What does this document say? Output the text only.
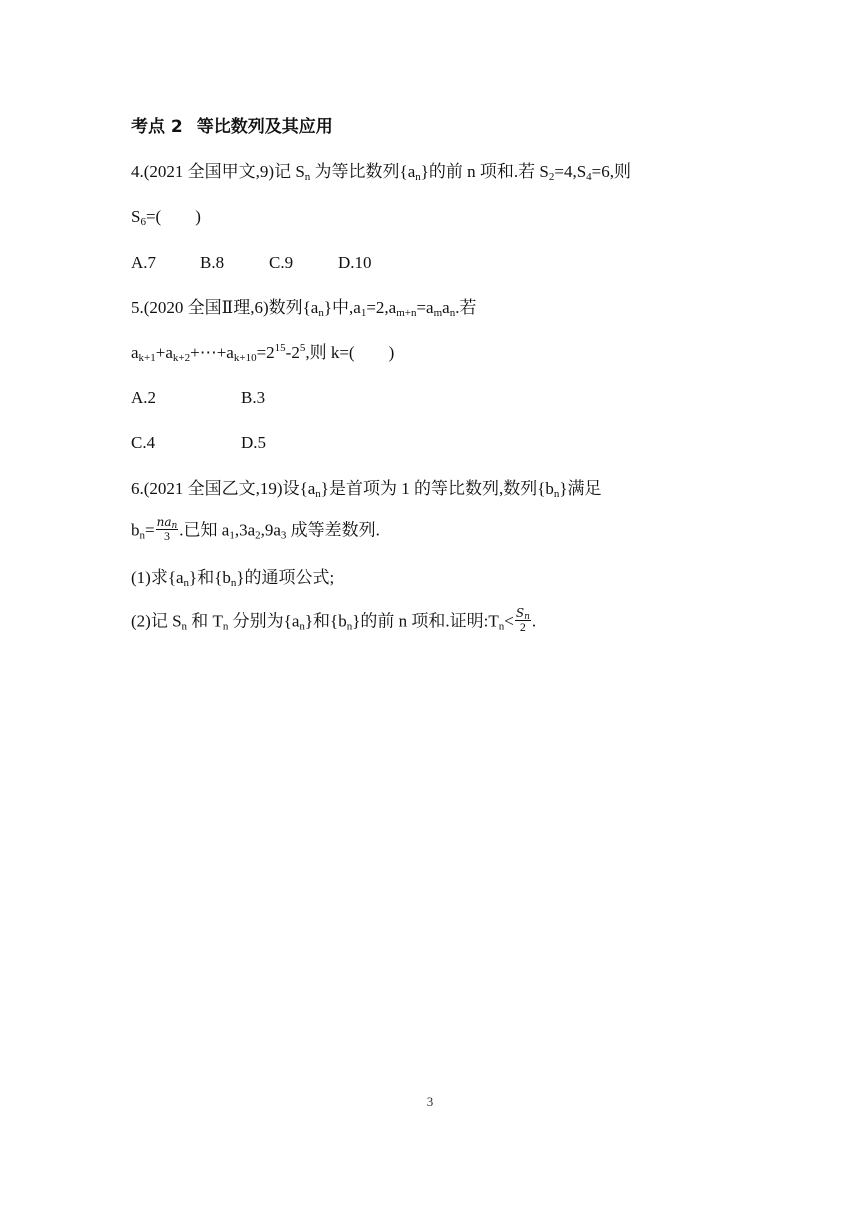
考点 2 等比数列及其应用
4.(2021 全国甲文,9)记 $S_n$ 为等比数列$\{a_n\}$的前 n 项和.若 $S_2=4,S_4=6$,则
$S_6=$(        )
A.7	B.8	C.9	D.10
5.(2020 全国Ⅱ理,6)数列$\{a_n\}$中$,a_1=2,a_{m+n}=a_ma_n$.若
$a_{k+1}+a_{k+2}+\cdots+a_{k+10}=2^{15}-2^5$,则 k=(        )
A.2	B.3
C.4	D.5
6.(2021 全国乙文,19)设$\{a_n\}$是首项为 1 的等比数列,数列$\{b_n\}$满足
$b_n= \frac{na_n}{3}$ .已知 $a_1,3a_2,9a_3$ 成等差数列.
(1)求$\{a_n\}$和$\{b_n\}$的通项公式;
(2)记 $S_n$ 和 $T_n$ 分别为$\{a_n\}$和$\{b_n\}$的前 n 项和.证明$:T_n< \frac{S_n}{2}$ .
3
